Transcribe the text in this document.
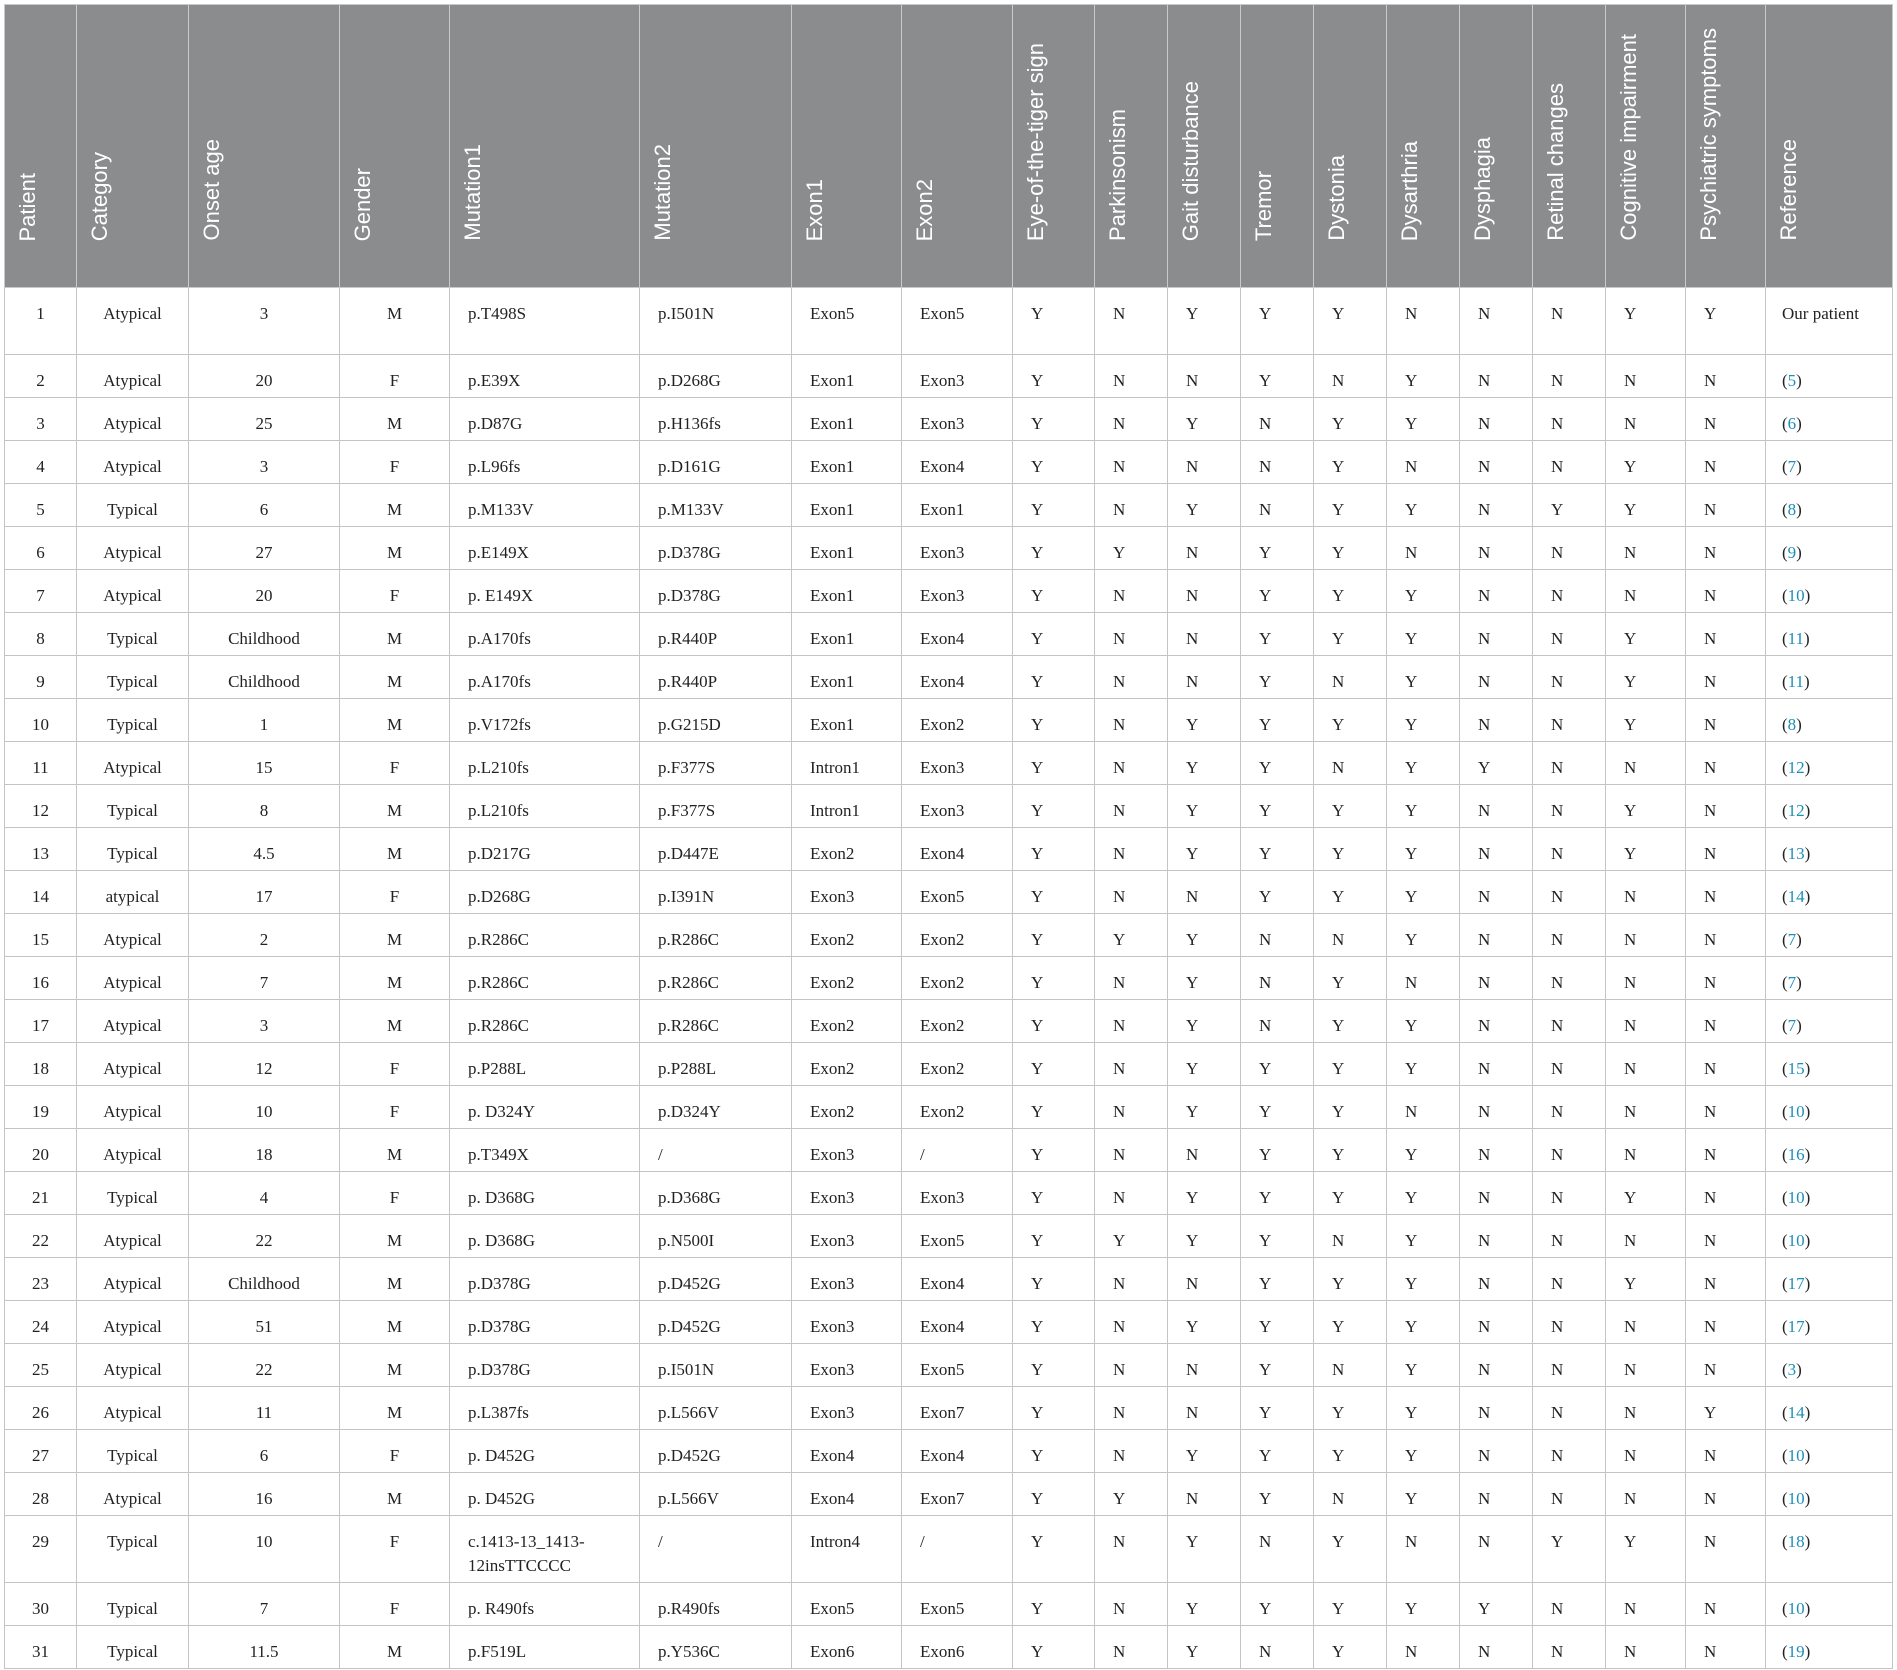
Patient	Category	Onset age	Gender	Mutation1	Mutation2	Exon1	Exon2	Eye-of-the-tiger sign	Parkinsonism	Gait disturbance	Tremor	Dystonia	Dysarthria	Dysphagia	Retinal changes	Cognitive impairment	Psychiatric symptoms	Reference

1	Atypical	3	M	p.T498S	p.I501N	Exon5	Exon5	Y	N	Y	Y	Y	N	N	N	Y	Y	Our patient
2	Atypical	20	F	p.E39X	p.D268G	Exon1	Exon3	Y	N	N	Y	N	Y	N	N	N	N	(5)
3	Atypical	25	M	p.D87G	p.H136fs	Exon1	Exon3	Y	N	Y	N	Y	Y	N	N	N	N	(6)
4	Atypical	3	F	p.L96fs	p.D161G	Exon1	Exon4	Y	N	N	N	Y	N	N	N	Y	N	(7)
5	Typical	6	M	p.M133V	p.M133V	Exon1	Exon1	Y	N	Y	N	Y	Y	N	Y	Y	N	(8)
6	Atypical	27	M	p.E149X	p.D378G	Exon1	Exon3	Y	Y	N	Y	Y	N	N	N	N	N	(9)
7	Atypical	20	F	p. E149X	p.D378G	Exon1	Exon3	Y	N	N	Y	Y	Y	N	N	N	N	(10)
8	Typical	Childhood	M	p.A170fs	p.R440P	Exon1	Exon4	Y	N	N	Y	Y	Y	N	N	Y	N	(11)
9	Typical	Childhood	M	p.A170fs	p.R440P	Exon1	Exon4	Y	N	N	Y	N	Y	N	N	Y	N	(11)
10	Typical	1	M	p.V172fs	p.G215D	Exon1	Exon2	Y	N	Y	Y	Y	Y	N	N	Y	N	(8)
11	Atypical	15	F	p.L210fs	p.F377S	Intron1	Exon3	Y	N	Y	Y	N	Y	Y	N	N	N	(12)
12	Typical	8	M	p.L210fs	p.F377S	Intron1	Exon3	Y	N	Y	Y	Y	Y	N	N	Y	N	(12)
13	Typical	4.5	M	p.D217G	p.D447E	Exon2	Exon4	Y	N	Y	Y	Y	Y	N	N	Y	N	(13)
14	atypical	17	F	p.D268G	p.I391N	Exon3	Exon5	Y	N	N	Y	Y	Y	N	N	N	N	(14)
15	Atypical	2	M	p.R286C	p.R286C	Exon2	Exon2	Y	Y	Y	N	N	Y	N	N	N	N	(7)
16	Atypical	7	M	p.R286C	p.R286C	Exon2	Exon2	Y	N	Y	N	Y	N	N	N	N	N	(7)
17	Atypical	3	M	p.R286C	p.R286C	Exon2	Exon2	Y	N	Y	N	Y	Y	N	N	N	N	(7)
18	Atypical	12	F	p.P288L	p.P288L	Exon2	Exon2	Y	N	Y	Y	Y	Y	N	N	N	N	(15)
19	Atypical	10	F	p. D324Y	p.D324Y	Exon2	Exon2	Y	N	Y	Y	Y	N	N	N	N	N	(10)
20	Atypical	18	M	p.T349X	/	Exon3	/	Y	N	N	Y	Y	Y	N	N	N	N	(16)
21	Typical	4	F	p. D368G	p.D368G	Exon3	Exon3	Y	N	Y	Y	Y	Y	N	N	Y	N	(10)
22	Atypical	22	M	p. D368G	p.N500I	Exon3	Exon5	Y	Y	Y	Y	N	Y	N	N	N	N	(10)
23	Atypical	Childhood	M	p.D378G	p.D452G	Exon3	Exon4	Y	N	N	Y	Y	Y	N	N	Y	N	(17)
24	Atypical	51	M	p.D378G	p.D452G	Exon3	Exon4	Y	N	Y	Y	Y	Y	N	N	N	N	(17)
25	Atypical	22	M	p.D378G	p.I501N	Exon3	Exon5	Y	N	N	Y	N	Y	N	N	N	N	(3)
26	Atypical	11	M	p.L387fs	p.L566V	Exon3	Exon7	Y	N	N	Y	Y	Y	N	N	N	Y	(14)
27	Typical	6	F	p. D452G	p.D452G	Exon4	Exon4	Y	N	Y	Y	Y	Y	N	N	N	N	(10)
28	Atypical	16	M	p. D452G	p.L566V	Exon4	Exon7	Y	Y	N	Y	N	Y	N	N	N	N	(10)
29	Typical	10	F	c.1413-13_1413-12insTTCCCC	/	Intron4	/	Y	N	Y	N	Y	N	N	Y	Y	N	(18)
30	Typical	7	F	p. R490fs	p.R490fs	Exon5	Exon5	Y	N	Y	Y	Y	Y	Y	N	N	N	(10)
31	Typical	11.5	M	p.F519L	p.Y536C	Exon6	Exon6	Y	N	Y	N	Y	N	N	N	N	N	(19)
